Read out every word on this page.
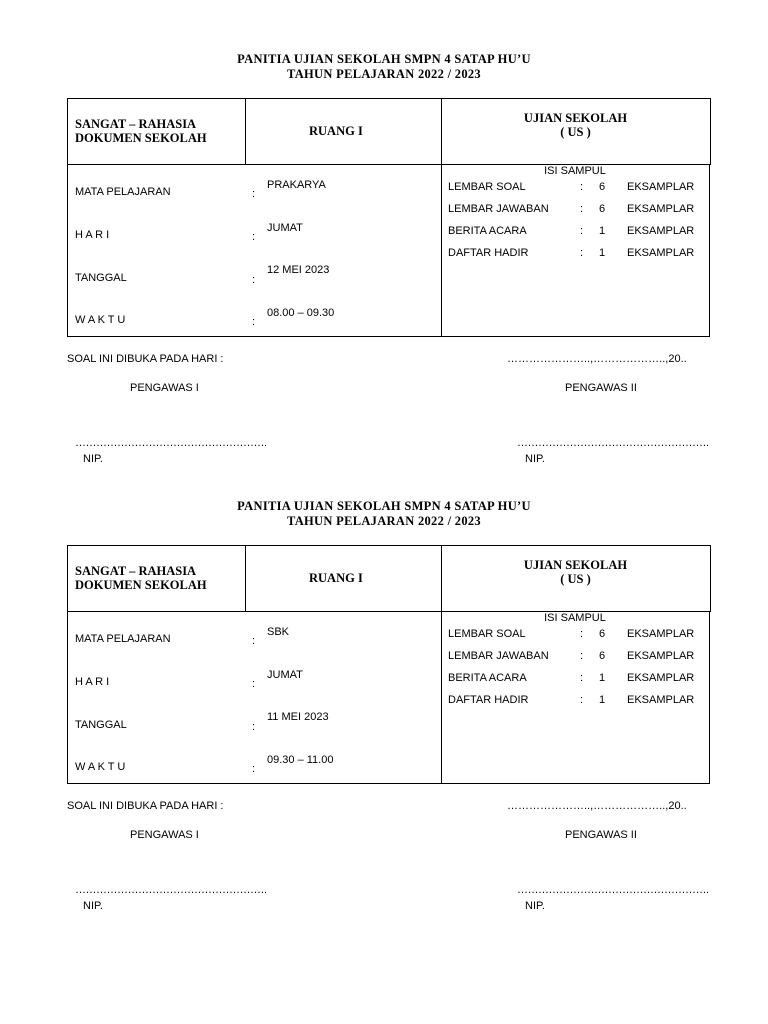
PANITIA UJIAN SEKOLAH SMPN 4 SATAP HU’U
TAHUN PELAJARAN 2022 / 2023
SANGAT – RAHASIA
DOKUMEN SEKOLAH	RUANG I
UJIAN SEKOLAH
( US )
MATA PELAJARAN	:
PRAKARYA
H A R I	:
JUMAT
TANGGAL	:
12 MEI 2023
W A K T U	:
08.00 – 09.30
ISI SAMPUL
LEMBAR SOAL	: 6 EKSAMPLAR
LEMBAR JAWABAN	: 6 EKSAMPLAR
BERITA ACARA	: 1 EKSAMPLAR
DAFTAR HADIR	: 1 EKSAMPLAR
SOAL INI DIBUKA PADA HARI :	…………………..,………………..,20..
PENGAWAS I	PENGAWAS II
……………………………………………….	……………………………………………….
NIP.	NIP.
PANITIA UJIAN SEKOLAH SMPN 4 SATAP HU’U
TAHUN PELAJARAN 2022 / 2023
SANGAT – RAHASIA
DOKUMEN SEKOLAH	RUANG I
UJIAN SEKOLAH
( US )
MATA PELAJARAN	:
SBK
H A R I	:
JUMAT
TANGGAL	:
11 MEI 2023
W A K T U	:
09.30 – 11.00
ISI SAMPUL
LEMBAR SOAL	: 6 EKSAMPLAR
LEMBAR JAWABAN	: 6 EKSAMPLAR
BERITA ACARA	: 1 EKSAMPLAR
DAFTAR HADIR	: 1 EKSAMPLAR
SOAL INI DIBUKA PADA HARI :	…………………..,………………..,20..
PENGAWAS I	PENGAWAS II
……………………………………………….	……………………………………………….
NIP.	NIP.
